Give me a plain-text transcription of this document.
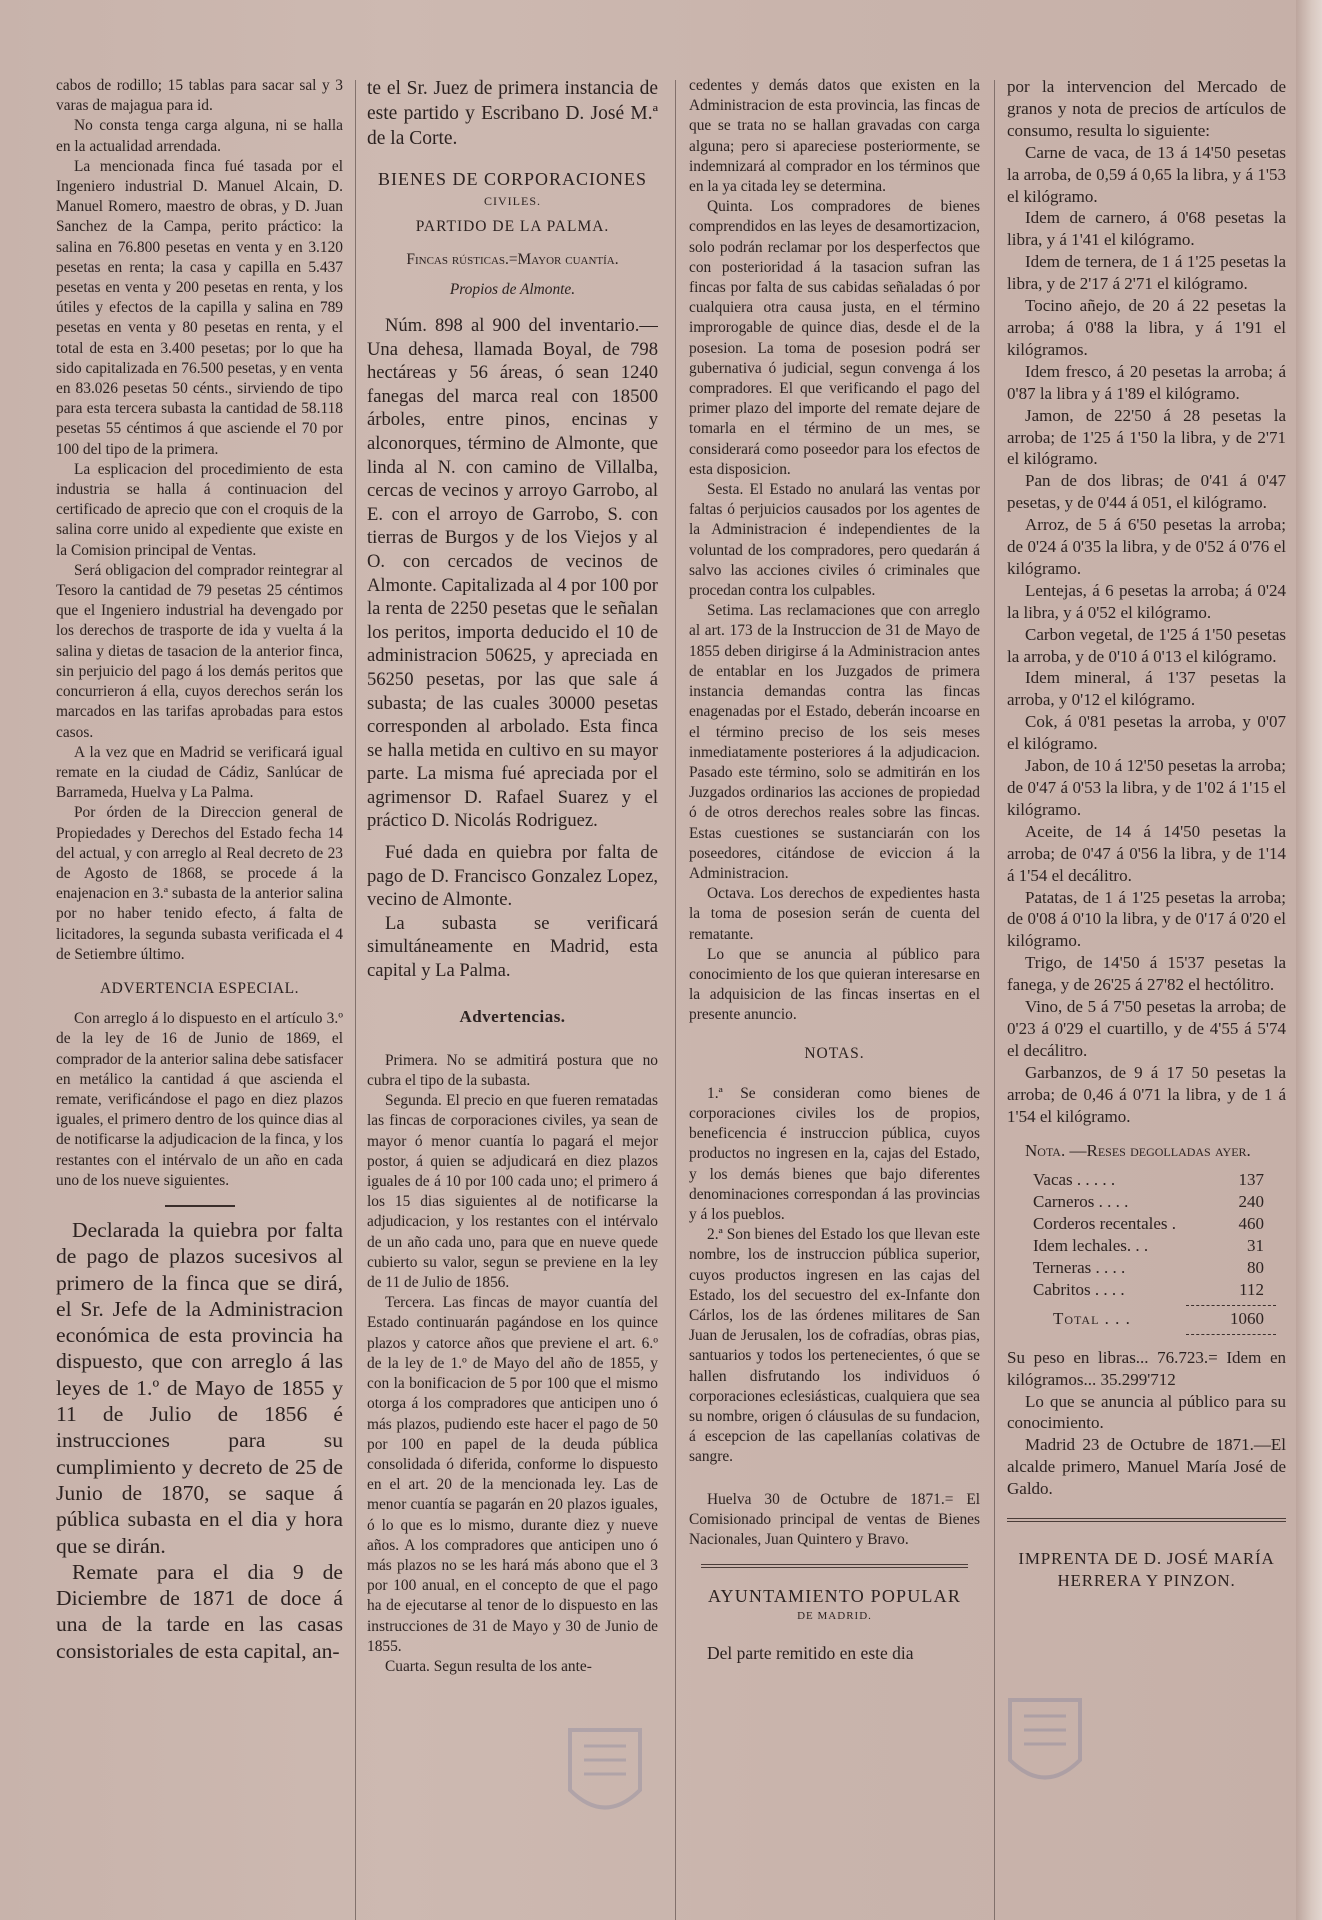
cabos de rodillo; 15 tablas para sacar sal y 3 varas de majagua para id.

No consta tenga carga alguna, ni se halla en la actualidad arrendada.

La mencionada finca fué tasada por el Ingeniero industrial D. Manuel Alcain, D. Manuel Romero, maestro de obras, y D. Juan Sanchez de la Campa, perito práctico: la salina en 76.800 pesetas en venta y en 3.120 pesetas en renta; la casa y capilla en 5.437 pesetas en venta y 200 pesetas en renta, y los útiles y efectos de la capilla y salina en 789 pesetas en venta y 80 pesetas en renta, y el total de esta en 3.400 pesetas; por lo que ha sido capitalizada en 76.500 pesetas, y en venta en 83.026 pesetas 50 cénts., sirviendo de tipo para esta tercera subasta la cantidad de 58.118 pesetas 55 céntimos á que asciende el 70 por 100 del tipo de la primera.

La esplicacion del procedimiento de esta industria se halla á continuacion del certificado de aprecio que con el croquis de la salina corre unido al expediente que existe en la Comision principal de Ventas.

Será obligacion del comprador reintegrar al Tesoro la cantidad de 79 pesetas 25 céntimos que el Ingeniero industrial ha devengado por los derechos de trasporte de ida y vuelta á la salina y dietas de tasacion de la anterior finca, sin perjuicio del pago á los demás peritos que concurrieron á ella, cuyos derechos serán los marcados en las tarifas aprobadas para estos casos.

A la vez que en Madrid se verificará igual remate en la ciudad de Cádiz, Sanlúcar de Barrameda, Huelva y La Palma.

Por órden de la Direccion general de Propiedades y Derechos del Estado fecha 14 del actual, y con arreglo al Real decreto de 23 de Agosto de 1868, se procede á la enajenacion en 3.ª subasta de la anterior salina por no haber tenido efecto, á falta de licitadores, la segunda subasta verificada el 4 de Setiembre último.

ADVERTENCIA ESPECIAL.

Con arreglo á lo dispuesto en el artículo 3.º de la ley de 16 de Junio de 1869, el comprador de la anterior salina debe satisfacer en metálico la cantidad á que ascienda el remate, verificándose el pago en diez plazos iguales, el primero dentro de los quince dias al de notificarse la adjudicacion de la finca, y los restantes con el intérvalo de un año en cada uno de los nueve siguientes.

Declarada la quiebra por falta de pago de plazos sucesivos al primero de la finca que se dirá, el Sr. Jefe de la Administracion económica de esta provincia ha dispuesto, que con arreglo á las leyes de 1.º de Mayo de 1855 y 11 de Julio de 1856 é instrucciones para su cumplimiento y decreto de 25 de Junio de 1870, se saque á pública subasta en el dia y hora que se dirán.

Remate para el dia 9 de Diciembre de 1871 de doce á una de la tarde en las casas consistoriales de esta capital, an-

te el Sr. Juez de primera instancia de este partido y Escribano D. José M.ª de la Corte.

BIENES DE CORPORACIONES

CIVILES.

PARTIDO DE LA PALMA.

Fincas rústicas.=Mayor cuantía.

Propios de Almonte.

Núm. 898 al 900 del inventario.—Una dehesa, llamada Boyal, de 798 hectáreas y 56 áreas, ó sean 1240 fanegas del marca real con 18500 árboles, entre pinos, encinas y alconorques, término de Almonte, que linda al N. con camino de Villalba, cercas de vecinos y arroyo Garrobo, al E. con el arroyo de Garrobo, S. con tierras de Burgos y de los Viejos y al O. con cercados de vecinos de Almonte. Capitalizada al 4 por 100 por la renta de 2250 pesetas que le señalan los peritos, importa deducido el 10 de administracion 50625, y apreciada en 56250 pesetas, por las que sale á subasta; de las cuales 30000 pesetas corresponden al arbolado. Esta finca se halla metida en cultivo en su mayor parte. La misma fué apreciada por el agrimensor D. Rafael Suarez y el práctico D. Nicolás Rodriguez.

Fué dada en quiebra por falta de pago de D. Francisco Gonzalez Lopez, vecino de Almonte.

La subasta se verificará simultáneamente en Madrid, esta capital y La Palma.

Advertencias.

Primera. No se admitirá postura que no cubra el tipo de la subasta.

Segunda. El precio en que fueren rematadas las fincas de corporaciones civiles, ya sean de mayor ó menor cuantía lo pagará el mejor postor, á quien se adjudicará en diez plazos iguales de á 10 por 100 cada uno; el primero á los 15 dias siguientes al de notificarse la adjudicacion, y los restantes con el intérvalo de un año cada uno, para que en nueve quede cubierto su valor, segun se previene en la ley de 11 de Julio de 1856.

Tercera. Las fincas de mayor cuantía del Estado continuarán pagándose en los quince plazos y catorce años que previene el art. 6.º de la ley de 1.º de Mayo del año de 1855, y con la bonificacion de 5 por 100 que el mismo otorga á los compradores que anticipen uno ó más plazos, pudiendo este hacer el pago de 50 por 100 en papel de la deuda pública consolidada ó diferida, conforme lo dispuesto en el art. 20 de la mencionada ley. Las de menor cuantía se pagarán en 20 plazos iguales, ó lo que es lo mismo, durante diez y nueve años. A los compradores que anticipen uno ó más plazos no se les hará más abono que el 3 por 100 anual, en el concepto de que el pago ha de ejecutarse al tenor de lo dispuesto en las instrucciones de 31 de Mayo y 30 de Junio de 1855.

Cuarta. Segun resulta de los ante-

cedentes y demás datos que existen en la Administracion de esta provincia, las fincas de que se trata no se hallan gravadas con carga alguna; pero si apareciese posteriormente, se indemnizará al comprador en los términos que en la ya citada ley se determina.

Quinta. Los compradores de bienes comprendidos en las leyes de desamortizacion, solo podrán reclamar por los desperfectos que con posterioridad á la tasacion sufran las fincas por falta de sus cabidas señaladas ó por cualquiera otra causa justa, en el término improrogable de quince dias, desde el de la posesion. La toma de posesion podrá ser gubernativa ó judicial, segun convenga á los compradores. El que verificando el pago del primer plazo del importe del remate dejare de tomarla en el término de un mes, se considerará como poseedor para los efectos de esta disposicion.

Sesta. El Estado no anulará las ventas por faltas ó perjuicios causados por los agentes de la Administracion é independientes de la voluntad de los compradores, pero quedarán á salvo las acciones civiles ó criminales que procedan contra los culpables.

Setima. Las reclamaciones que con arreglo al art. 173 de la Instruccion de 31 de Mayo de 1855 deben dirigirse á la Administracion antes de entablar en los Juzgados de primera instancia demandas contra las fincas enagenadas por el Estado, deberán incoarse en el término preciso de los seis meses inmediatamente posteriores á la adjudicacion. Pasado este término, solo se admitirán en los Juzgados ordinarios las acciones de propiedad ó de otros derechos reales sobre las fincas. Estas cuestiones se sustanciarán con los poseedores, citándose de eviccion á la Administracion.

Octava. Los derechos de expedientes hasta la toma de posesion serán de cuenta del rematante.

Lo que se anuncia al público para conocimiento de los que quieran interesarse en la adquisicion de las fincas insertas en el presente anuncio.

NOTAS.

1.ª Se consideran como bienes de corporaciones civiles los de propios, beneficencia é instruccion pública, cuyos productos no ingresen en la, cajas del Estado, y los demás bienes que bajo diferentes denominaciones correspondan á las provincias y á los pueblos.

2.ª Son bienes del Estado los que llevan este nombre, los de instruccion pública superior, cuyos productos ingresen en las cajas del Estado, los del secuestro del ex-Infante don Cárlos, los de las órdenes militares de San Juan de Jerusalen, los de cofradías, obras pias, santuarios y todos los pertenecientes, ó que se hallen disfrutando los individuos ó corporaciones eclesiásticas, cualquiera que sea su nombre, origen ó cláusulas de su fundacion, á escepcion de las capellanías colativas de sangre.

Huelva 30 de Octubre de 1871.= El Comisionado principal de ventas de Bienes Nacionales, Juan Quintero y Bravo.

AYUNTAMIENTO POPULAR

DE MADRID.

Del parte remitido en este dia

por la intervencion del Mercado de granos y nota de precios de artículos de consumo, resulta lo siguiente:

Carne de vaca, de 13 á 14'50 pesetas la arroba, de 0,59 á 0,65 la libra, y á 1'53 el kilógramo.

Idem de carnero, á 0'68 pesetas la libra, y á 1'41 el kilógramo.

Idem de ternera, de 1 á 1'25 pesetas la libra, y de 2'17 á 2'71 el kilógramo.

Tocino añejo, de 20 á 22 pesetas la arroba; á 0'88 la libra, y á 1'91 el kilógramos.

Idem fresco, á 20 pesetas la arroba; á 0'87 la libra y á 1'89 el kilógramo.

Jamon, de 22'50 á 28 pesetas la arroba; de 1'25 á 1'50 la libra, y de 2'71 el kilógramo.

Pan de dos libras; de 0'41 á 0'47 pesetas, y de 0'44 á 051, el kilógramo.

Arroz, de 5 á 6'50 pesetas la arroba; de 0'24 á 0'35 la libra, y de 0'52 á 0'76 el kilógramo.

Lentejas, á 6 pesetas la arroba; á 0'24 la libra, y á 0'52 el kilógramo.

Carbon vegetal, de 1'25 á 1'50 pesetas la arroba, y de 0'10 á 0'13 el kilógramo.

Idem mineral, á 1'37 pesetas la arroba, y 0'12 el kilógramo.

Cok, á 0'81 pesetas la arroba, y 0'07 el kilógramo.

Jabon, de 10 á 12'50 pesetas la arroba; de 0'47 á 0'53 la libra, y de 1'02 á 1'15 el kilógramo.

Aceite, de 14 á 14'50 pesetas la arroba; de 0'47 á 0'56 la libra, y de 1'14 á 1'54 el decálitro.

Patatas, de 1 á 1'25 pesetas la arroba; de 0'08 á 0'10 la libra, y de 0'17 á 0'20 el kilógramo.

Trigo, de 14'50 á 15'37 pesetas la fanega, y de 26'25 á 27'82 el hectólitro.

Vino, de 5 á 7'50 pesetas la arroba; de 0'23 á 0'29 el cuartillo, y de 4'55 á 5'74 el decálitro.

Garbanzos, de 9 á 17 50 pesetas la arroba; de 0,46 á 0'71 la libra, y de 1 á 1'54 el kilógramo.

Nota. —Reses degolladas ayer.

Vacas . . . . .	137
Carneros . . . .	240
Corderos recentales .	460
Idem lechales. . .	31
Terneras . . . .	80
Cabritos . . . .	112
Total . . .	1060

Su peso en libras... 76.723.= Idem en kilógramos... 35.299'712

Lo que se anuncia al público para su conocimiento.

Madrid 23 de Octubre de 1871.—El alcalde primero, Manuel María José de Galdo.

IMPRENTA DE D. JOSÉ MARÍA HERRERA Y PINZON.
